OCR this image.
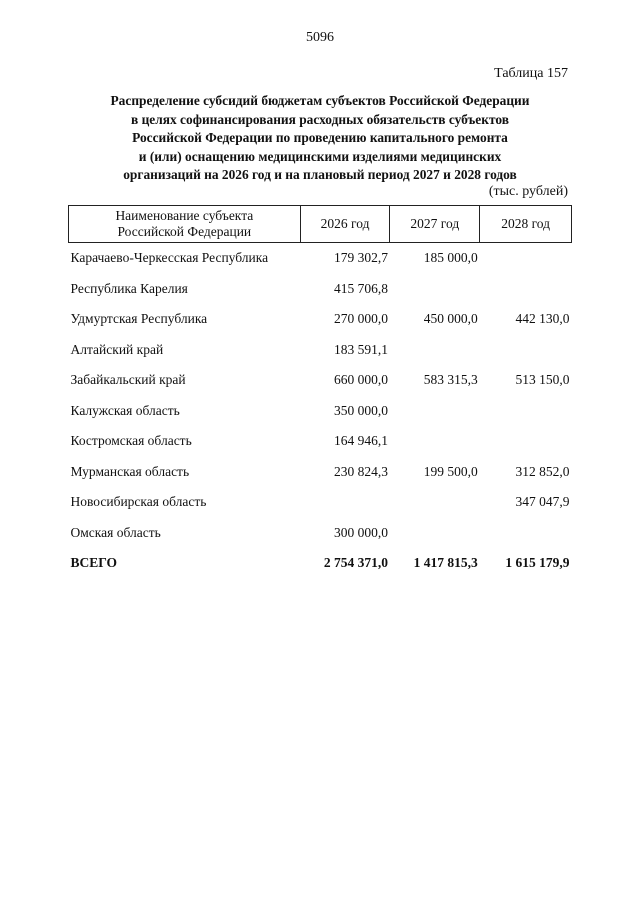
5096
Таблица 157
Распределение субсидий бюджетам субъектов Российской Федерации
в целях софинансирования расходных обязательств субъектов
Российской Федерации по проведению капитального ремонта
и (или) оснащению медицинскими изделиями медицинских
организаций на 2026 год и на плановый период 2027 и 2028 годов
(тыс. рублей)
Наименование субъекта
Российской Федерации	2026 год	2027 год	2028 год
Карачаево-Черкесская Республика	179 302,7	185 000,0	
Республика Карелия	415 706,8		
Удмуртская Республика	270 000,0	450 000,0	442 130,0
Алтайский край	183 591,1		
Забайкальский край	660 000,0	583 315,3	513 150,0
Калужская область	350 000,0		
Костромская область	164 946,1		
Мурманская область	230 824,3	199 500,0	312 852,0
Новосибирская область			347 047,9
Омская область	300 000,0		
ВСЕГО	2 754 371,0	1 417 815,3	1 615 179,9
